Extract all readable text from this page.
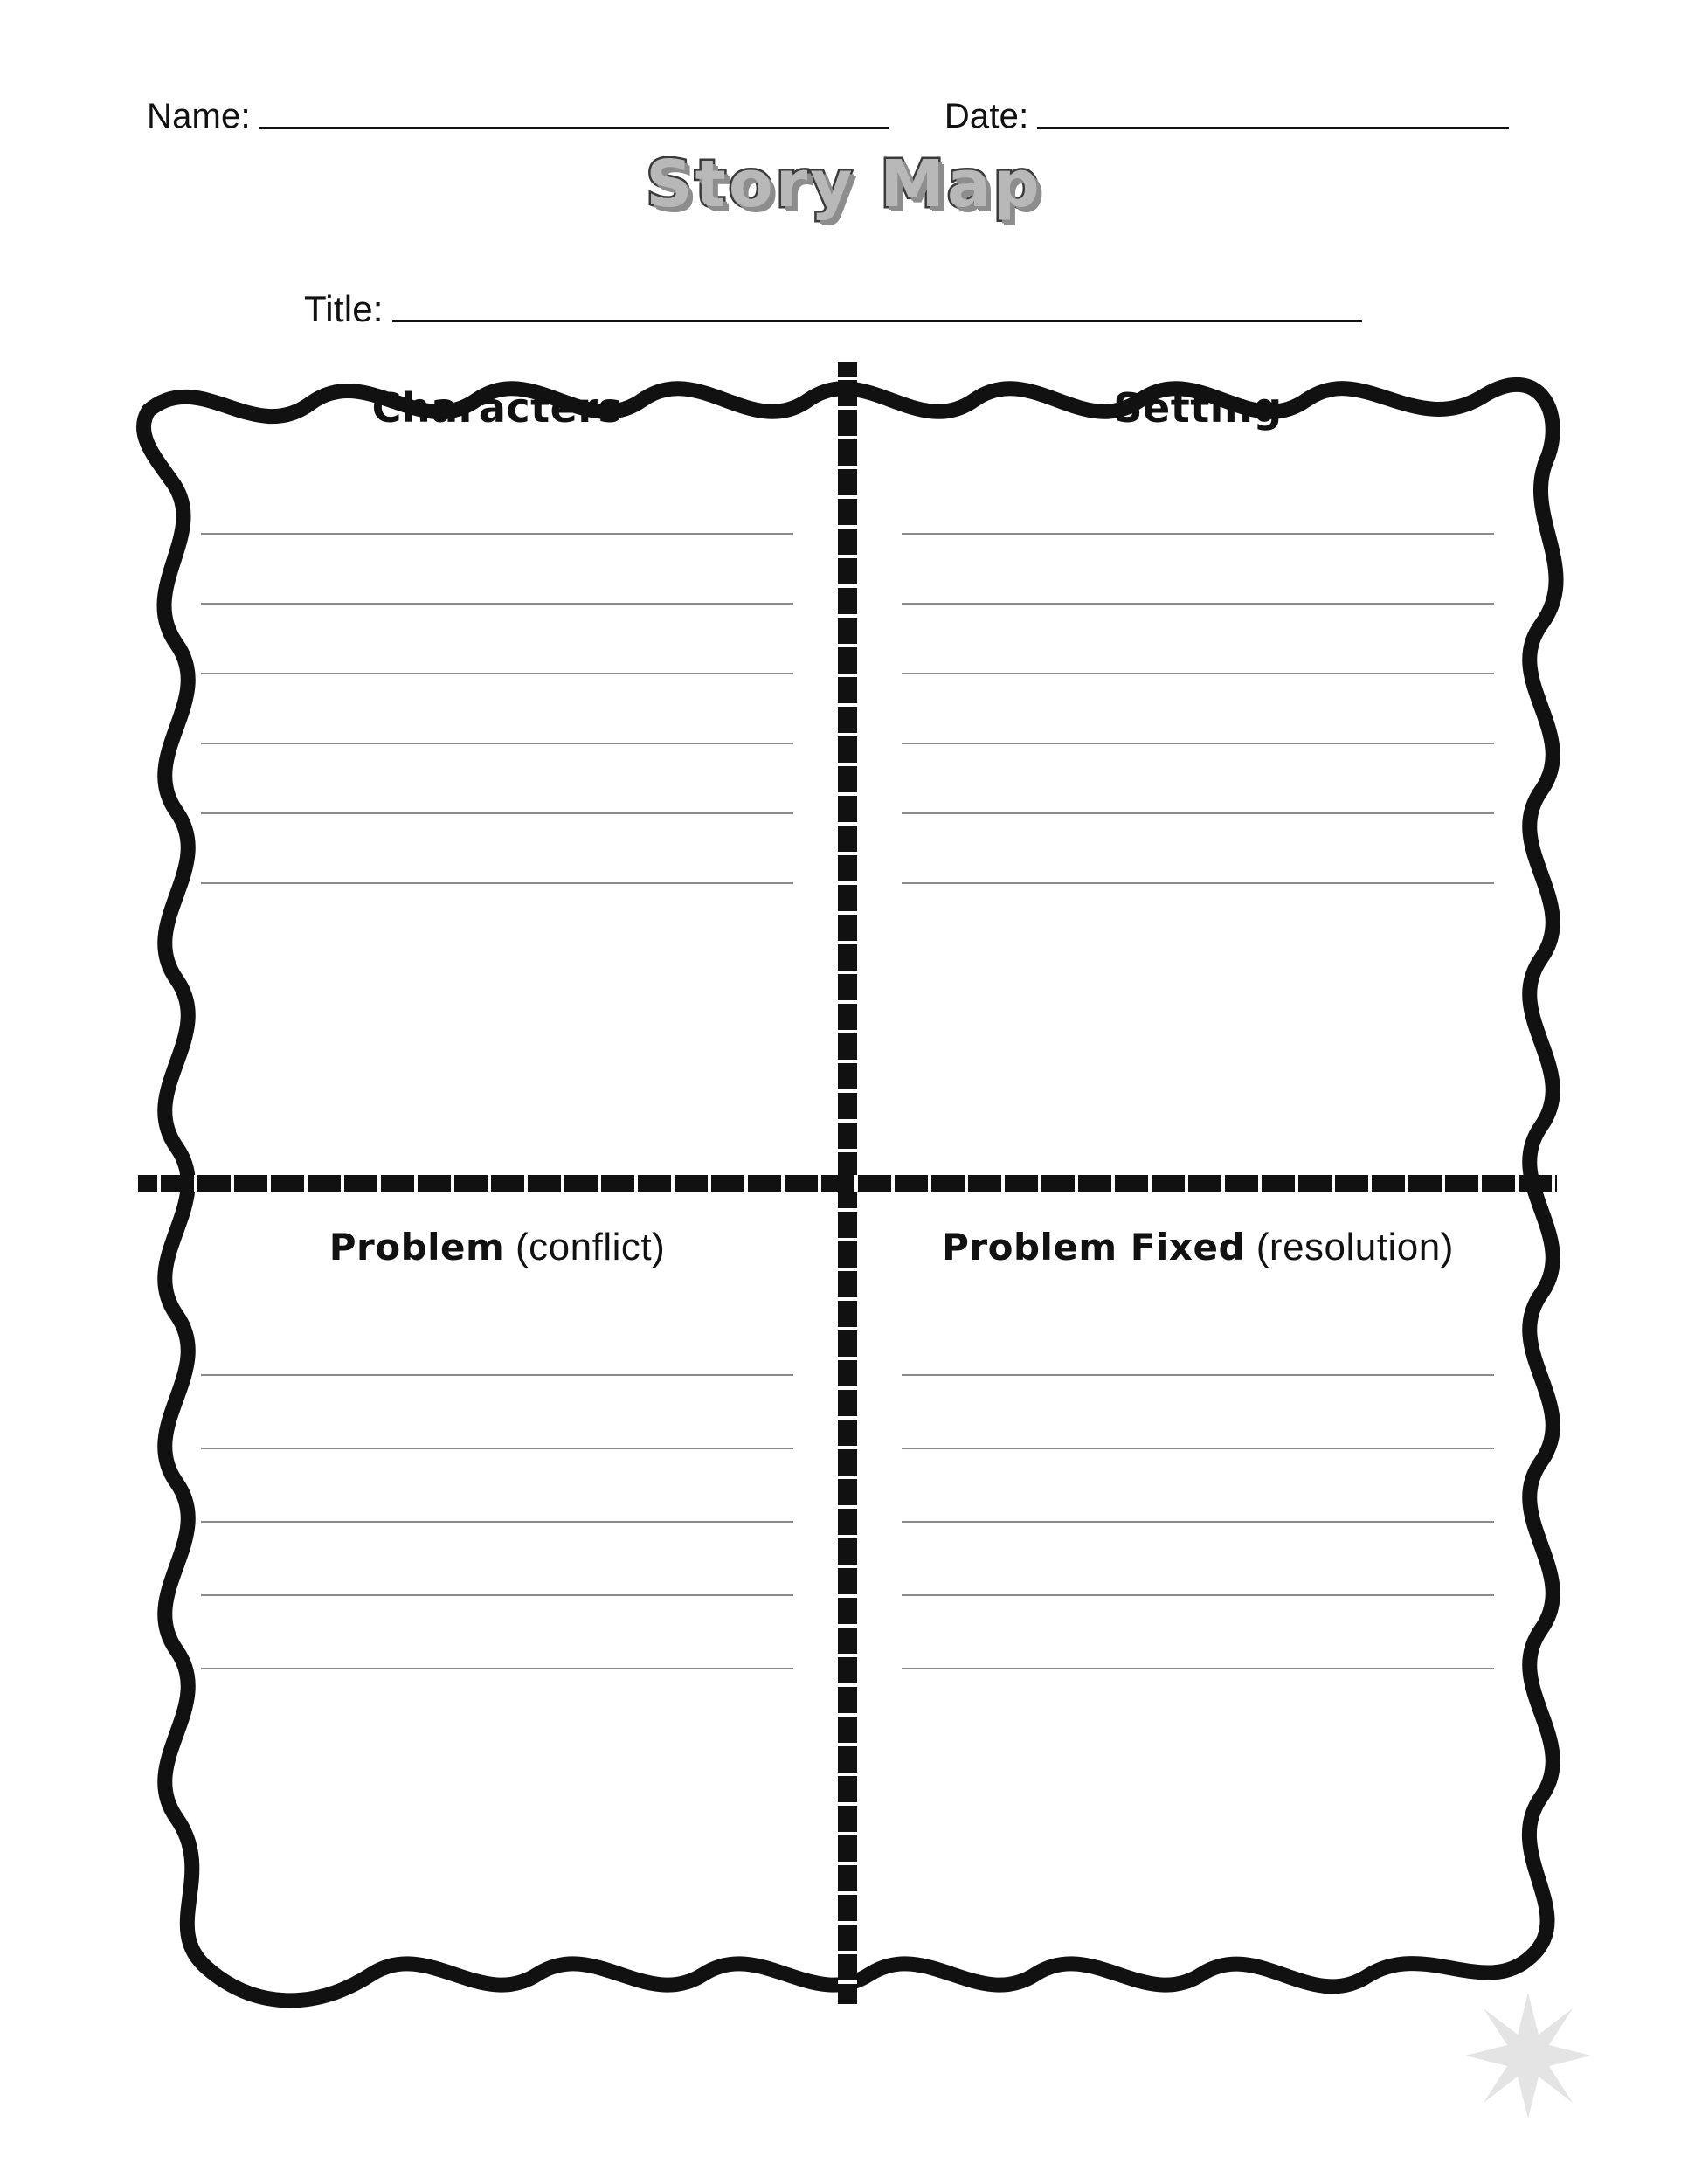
Name:	Date:
Story Map
Title:
Characters	Setting
Problem (conflict)	Problem Fixed (resolution)
